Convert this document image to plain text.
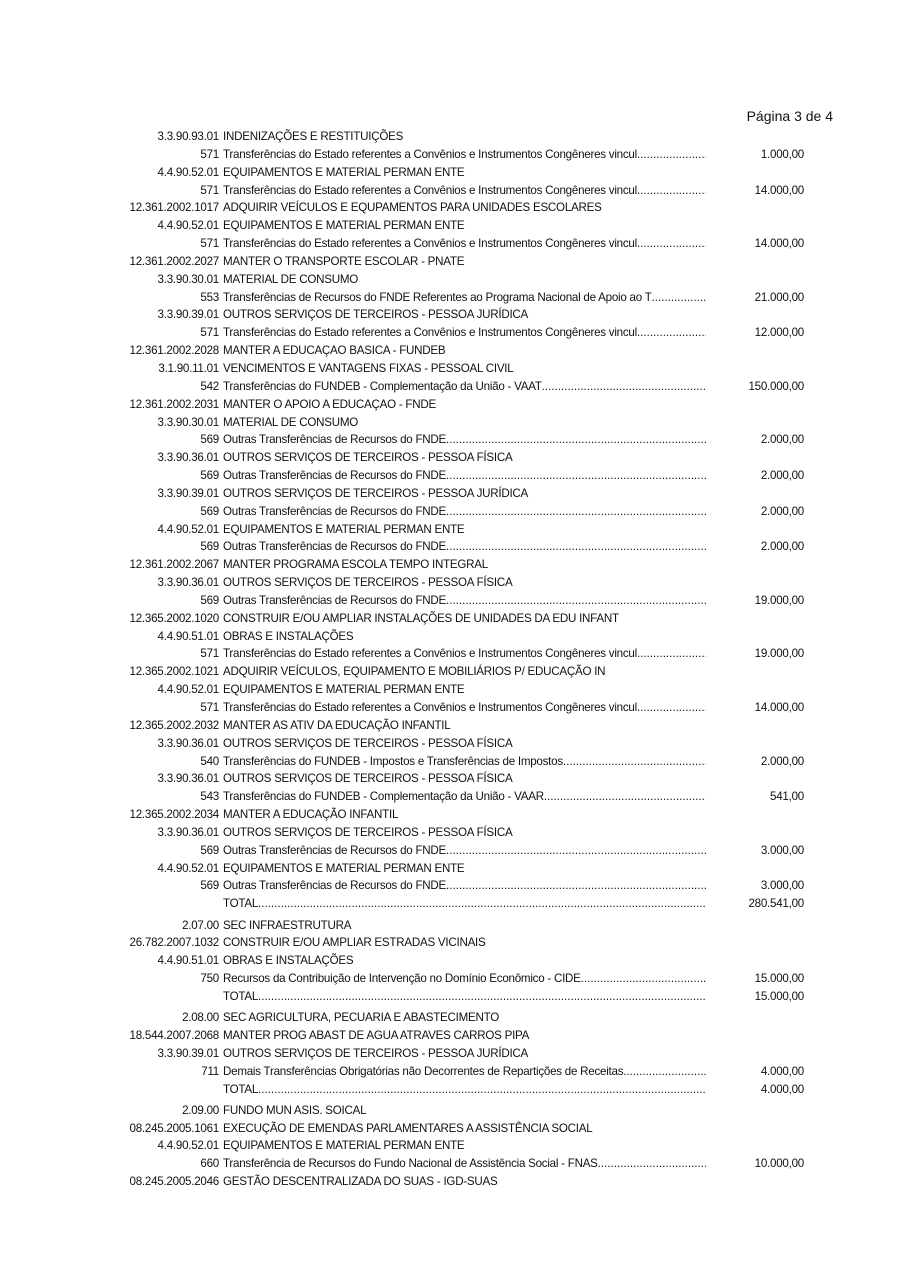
Página 3 de 4
3.3.90.93.01 INDENIZAÇÕES E RESTITUIÇÕES
571 Transferências do Estado referentes a Convênios e Instrumentos Congêneres vincul .....	1.000,00
4.4.90.52.01 EQUIPAMENTOS E MATERIAL PERMAN ENTE
571 Transferências do Estado referentes a Convênios e Instrumentos Congêneres vincul .....	14.000,00
12.361.2002.1017 ADQUIRIR VEÍCULOS E EQUPAMENTOS PARA UNIDADES ESCOLARES
4.4.90.52.01 EQUIPAMENTOS E MATERIAL PERMAN ENTE
571 Transferências do Estado referentes a Convênios e Instrumentos Congêneres vincul .....	14.000,00
12.361.2002.2027 MANTER O TRANSPORTE ESCOLAR - PNATE
3.3.90.30.01 MATERIAL DE CONSUMO
553 Transferências de Recursos do FNDE Referentes ao Programa Nacional de Apoio ao T .....	21.000,00
3.3.90.39.01 OUTROS SERVIÇOS DE TERCEIROS - PESSOA JURÍDICA
571 Transferências do Estado referentes a Convênios e Instrumentos Congêneres vincul .....	12.000,00
12.361.2002.2028 MANTER A EDUCAÇAO BASICA - FUNDEB
3.1.90.11.01 VENCIMENTOS E VANTAGENS FIXAS - PESSOAL CIVIL
542 Transferências do FUNDEB - Complementação da União - VAAT .....	150.000,00
12.361.2002.2031 MANTER O APOIO A EDUCAÇAO - FNDE
3.3.90.30.01 MATERIAL DE CONSUMO
569 Outras Transferências de Recursos do FNDE .....	2.000,00
3.3.90.36.01 OUTROS SERVIÇOS DE TERCEIROS - PESSOA FÍSICA
569 Outras Transferências de Recursos do FNDE .....	2.000,00
3.3.90.39.01 OUTROS SERVIÇOS DE TERCEIROS - PESSOA JURÍDICA
569 Outras Transferências de Recursos do FNDE .....	2.000,00
4.4.90.52.01 EQUIPAMENTOS E MATERIAL PERMAN ENTE
569 Outras Transferências de Recursos do FNDE .....	2.000,00
12.361.2002.2067 MANTER PROGRAMA ESCOLA TEMPO INTEGRAL
3.3.90.36.01 OUTROS SERVIÇOS DE TERCEIROS - PESSOA FÍSICA
569 Outras Transferências de Recursos do FNDE .....	19.000,00
12.365.2002.1020 CONSTRUIR E/OU AMPLIAR INSTALAÇÕES DE UNIDADES DA EDU INFANT
4.4.90.51.01 OBRAS E INSTALAÇÕES
571 Transferências do Estado referentes a Convênios e Instrumentos Congêneres vincul .....	19.000,00
12.365.2002.1021 ADQUIRIR VEÍCULOS, EQUIPAMENTO E MOBILIÁRIOS P/ EDUCAÇÃO IN
4.4.90.52.01 EQUIPAMENTOS E MATERIAL PERMAN ENTE
571 Transferências do Estado referentes a Convênios e Instrumentos Congêneres vincul .....	14.000,00
12.365.2002.2032 MANTER AS ATIV DA EDUCAÇÃO INFANTIL
3.3.90.36.01 OUTROS SERVIÇOS DE TERCEIROS - PESSOA FÍSICA
540 Transferências do FUNDEB - Impostos e Transferências de Impostos .....	2.000,00
3.3.90.36.01 OUTROS SERVIÇOS DE TERCEIROS - PESSOA FÍSICA
543 Transferências do FUNDEB - Complementação da União - VAAR .....	541,00
12.365.2002.2034 MANTER A EDUCAÇÃO INFANTIL
3.3.90.36.01 OUTROS SERVIÇOS DE TERCEIROS - PESSOA FÍSICA
569 Outras Transferências de Recursos do FNDE .....	3.000,00
4.4.90.52.01 EQUIPAMENTOS E MATERIAL PERMAN ENTE
569 Outras Transferências de Recursos do FNDE .....	3.000,00
TOTAL .....	280.541,00
2.07.00 SEC INFRAESTRUTURA
26.782.2007.1032 CONSTRUIR E/OU AMPLIAR ESTRADAS VICINAIS
4.4.90.51.01 OBRAS E INSTALAÇÕES
750 Recursos da Contribuição de Intervenção no Domínio Econômico - CIDE .....	15.000,00
TOTAL .....	15.000,00
2.08.00 SEC AGRICULTURA, PECUARIA E ABASTECIMENTO
18.544.2007.2068 MANTER PROG ABAST DE AGUA ATRAVES CARROS PIPA
3.3.90.39.01 OUTROS SERVIÇOS DE TERCEIROS - PESSOA JURÍDICA
711 Demais Transferências Obrigatórias não Decorrentes de Repartições de Receitas. .....	4.000,00
TOTAL .....	4.000,00
2.09.00 FUNDO MUN ASIS. SOICAL
08.245.2005.1061 EXECUÇÃO DE EMENDAS PARLAMENTARES A ASSISTÊNCIA SOCIAL
4.4.90.52.01 EQUIPAMENTOS E MATERIAL PERMAN ENTE
660 Transferência de Recursos do Fundo Nacional de Assistência Social - FNAS .....	10.000,00
08.245.2005.2046 GESTÃO DESCENTRALIZADA DO SUAS - IGD-SUAS
